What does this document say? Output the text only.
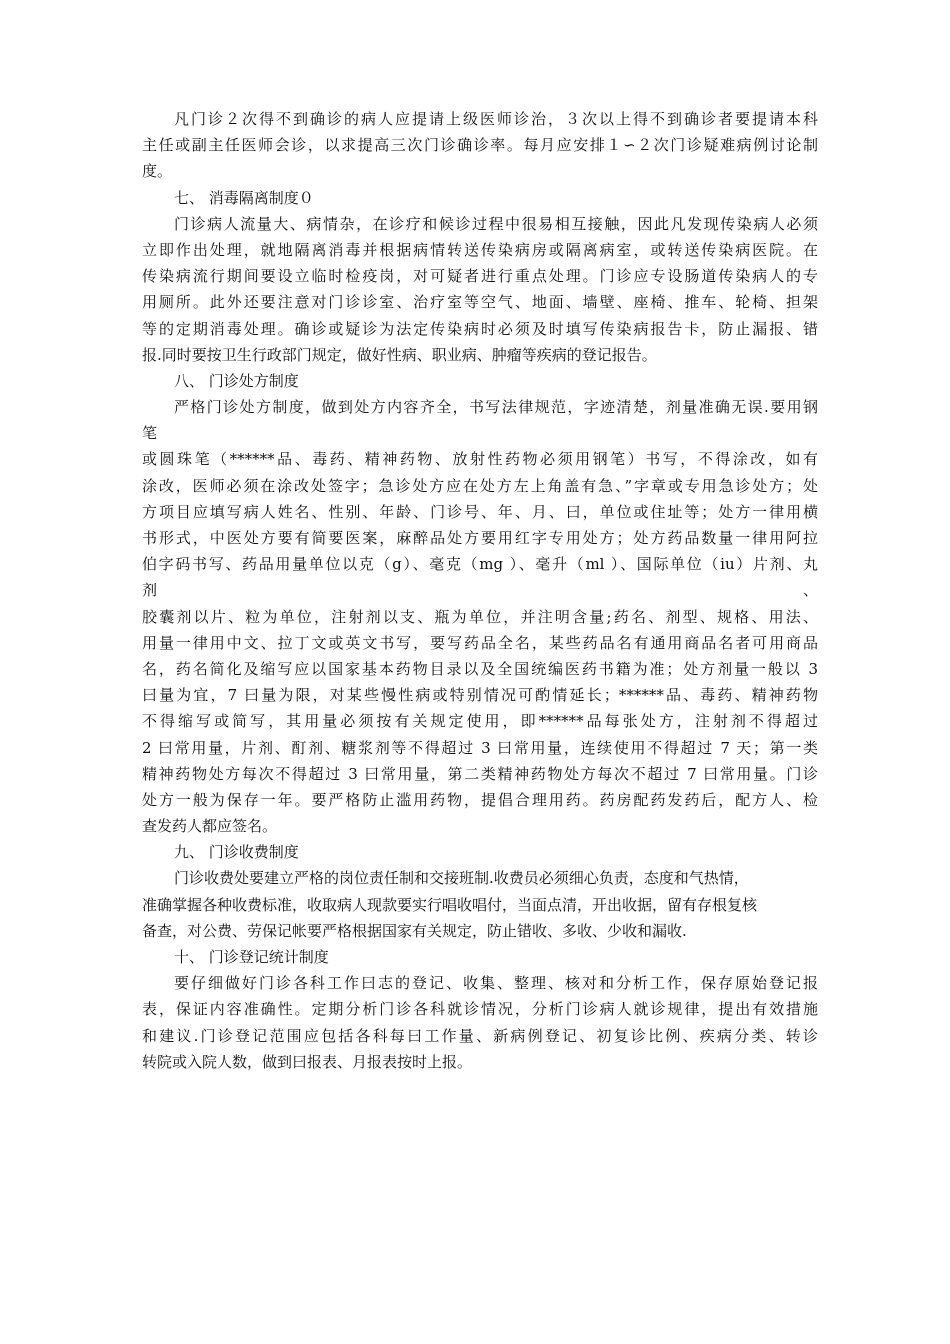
凡门诊２次得不到确诊的病人应提请上级医师诊治，３次以上得不到确诊者要提请本科
主任或副主任医师会诊，以求提高三次门诊确诊率。每月应安排１∽２次门诊疑难病例讨论制
度。
七、 消毒隔离制度０
门诊病人流量大、病情杂，在诊疗和候诊过程中很易相互接触，因此凡发现传染病人必须
立即作出处理，就地隔离消毒并根据病情转送传染病房或隔离病室，或转送传染病医院。在
传染病流行期间要设立临时检疫岗，对可疑者进行重点处理。门诊应专设肠道传染病人的专
用厕所。此外还要注意对门诊诊室、治疗室等空气、地面、墙壁、座椅、推车、轮椅、担架
等的定期消毒处理。确诊或疑诊为法定传染病时必须及时填写传染病报告卡，防止漏报、错
报.同时要按卫生行政部门规定，做好性病、职业病、肿瘤等疾病的登记报告。
八、 门诊处方制度
严格门诊处方制度，做到处方内容齐全，书写法律规范，字迹清楚，剂量准确无误.要用钢
笔
或圆珠笔（******品、毒药、精神药物、放射性药物必须用钢笔）书写，不得涂改，如有
涂改，医师必须在涂改处签字；急诊处方应在处方左上角盖有急、”字章或专用急诊处方；处
方项目应填写病人姓名、性别、年龄、门诊号、年、月、曰，单位或住址等；处方一律用横
书形式，中医处方要有简要医案，麻醉品处方要用红字专用处方；处方药品数量一律用阿拉
伯字码书写、药品用量单位以克（g）、毫克（mg ）、毫升（ml ）、国际单位（iu）片剂、丸
剂	、
胶囊剂以片、粒为单位，注射剂以支、瓶为单位，并注明含量;药名、剂型、规格、用法、
用量一律用中文、拉丁文或英文书写，要写药品全名，某些药品名有通用商品名者可用商品
名，药名简化及缩写应以国家基本药物目录以及全国统编医药书籍为准；处方剂量一般以 3
曰量为宜，7 曰量为限，对某些慢性病或特别情况可酌情延长；******品、毒药、精神药物
不得缩写或简写，其用量必须按有关规定使用，即******品每张处方，注射剂不得超过
2 曰常用量，片剂、酊剂、糖浆剂等不得超过 3 曰常用量，连续使用不得超过 7 天；第一类
精神药物处方每次不得超过 3 曰常用量，第二类精神药物处方每次不超过 7 曰常用量。门诊
处方一般为保存一年。要严格防止滥用药物，提倡合理用药。药房配药发药后，配方人、检
查发药人都应签名。
九、 门诊收费制度
门诊收费处要建立严格的岗位责任制和交接班制.收费员必须细心负责，态度和气热情，
准确掌握各种收费标准，收取病人现款要实行唱收唱付，当面点清，开出收据，留有存根复核
备查，对公费、劳保记帐要严格根据国家有关规定，防止错收、多收、少收和漏收.
十、 门诊登记统计制度
要仔细做好门诊各科工作曰志的登记、收集、整理、核对和分析工作，保存原始登记报
表，保证内容准确性。定期分析门诊各科就诊情况，分析门诊病人就诊规律，提出有效措施
和建议.门诊登记范围应包括各科每曰工作量、新病例登记、初复诊比例、疾病分类、转诊
转院或入院人数，做到曰报表、月报表按时上报。
